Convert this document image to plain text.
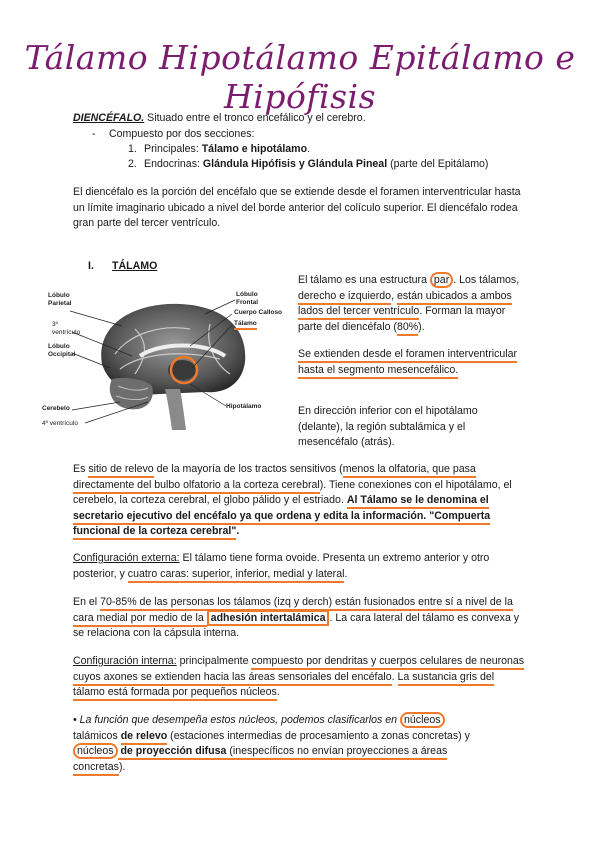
Tálamo Hipotálamo Epitálamo e Hipófisis
DIENCÉFALO. Situado entre el tronco encefálico y el cerebro.
- Compuesto por dos secciones:
1. Principales: Tálamo e hipotálamo.
2. Endocrinas: Glándula Hipófisis y Glándula Pineal (parte del Epitálamo)
El diencéfalo es la porción del encéfalo que se extiende desde el foramen interventricular hasta un límite imaginario ubicado a nivel del borde anterior del colículo superior. El diencéfalo rodea gran parte del tercer ventrículo.
I. TÁLAMO
Lóbulo Parietal
3º ventrículo
Lóbulo Occipital
Cerebelo
4º ventrículo
Lóbulo Frontal
Cuerpo Calloso
Tálamo
Hipotálamo
El tálamo es una estructura par . Los tálamos, derecho e izquierdo, están ubicados a ambos lados del tercer ventrículo. Forman la mayor parte del diencéfalo (80%).
Se extienden desde el foramen interventricular hasta el segmento mesencefálico.
En dirección inferior con el hipotálamo (delante), la región subtalámica y el mesencéfalo (atrás).
Es sitio de relevo de la mayoría de los tractos sensitivos (menos la olfatoria, que pasa directamente del bulbo olfatorio a la corteza cerebral). Tiene conexiones con el hipotálamo, el cerebelo, la corteza cerebral, el globo pálido y el estriado. Al Tálamo se le denomina el secretario ejecutivo del encéfalo ya que ordena y edita la información. "Compuerta funcional de la corteza cerebral".
Configuración externa: El tálamo tiene forma ovoide. Presenta un extremo anterior y otro posterior, y cuatro caras: superior, inferior, medial y lateral.
En el 70-85% de las personas los tálamos (izq y derch) están fusionados entre sí a nivel de la cara medial por medio de la adhesión intertalámica . La cara lateral del tálamo es convexa y se relaciona con la cápsula interna.
Configuración interna: principalmente compuesto por dendritas y cuerpos celulares de neuronas cuyos axones se extienden hacia las áreas sensoriales del encéfalo. La sustancia gris del tálamo está formada por pequeños núcleos.
• La función que desempeña estos núcleos, podemos clasificarlos en núcleos talámicos de relevo (estaciones intermedias de procesamiento a zonas concretas) y núcleos de proyección difusa (inespecíficos no envían proyecciones a áreas concretas).
